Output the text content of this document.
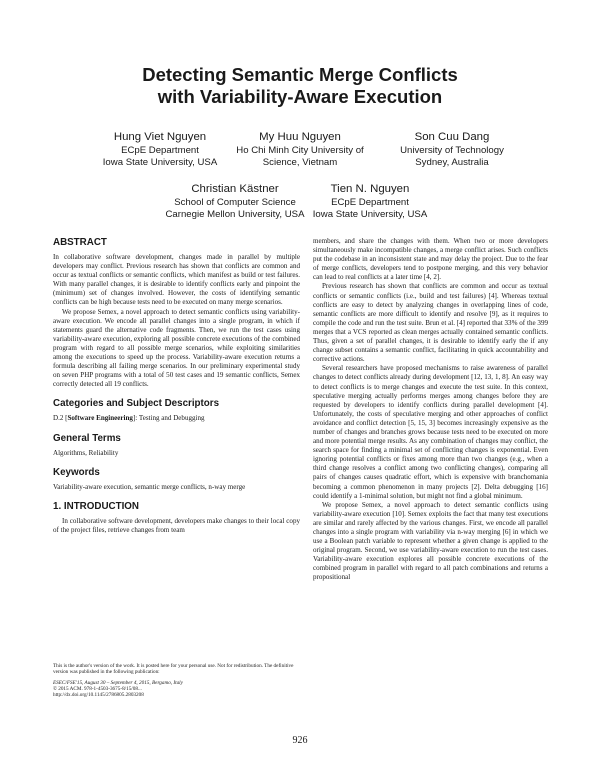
Detecting Semantic Merge Conflicts
with Variability-Aware Execution
Hung Viet Nguyen
ECpE Department
Iowa State University, USA
My Huu Nguyen
Ho Chi Minh City University of
Science, Vietnam
Son Cuu Dang
University of Technology
Sydney, Australia
Christian Kästner
School of Computer Science
Carnegie Mellon University, USA
Tien N. Nguyen
ECpE Department
Iowa State University, USA
ABSTRACT

In collaborative software development, changes made in parallel by multiple developers may conflict. Previous research has shown that conflicts are common and occur as textual conflicts or semantic conflicts, which manifest as build or test failures. With many parallel changes, it is desirable to identify conflicts early and pinpoint the (minimum) set of changes involved. However, the costs of identifying semantic conflicts can be high because tests need to be executed on many merge scenarios.

We propose Semex, a novel approach to detect semantic conflicts using variability-aware execution. We encode all parallel changes into a single program, in which if statements guard the alternative code fragments. Then, we run the test cases using variability-aware execution, exploring all possible concrete executions of the combined program with regard to all possible merge scenarios, while exploiting similarities among the executions to speed up the process. Variability-aware execution returns a formula describing all failing merge scenarios. In our preliminary experimental study on seven PHP programs with a total of 50 test cases and 19 semantic conflicts, Semex correctly detected all 19 conflicts.

Categories and Subject Descriptors

D.2 [Software Engineering]: Testing and Debugging

General Terms

Algorithms, Reliability

Keywords

Variability-aware execution, semantic merge conflicts, n-way merge

1. INTRODUCTION

In collaborative software development, developers make changes to their local copy of the project files, retrieve changes from team

This is the author's version of the work. It is posted here for your personal use. Not for redistribution. The definitive version was published in the following publication:

ESEC/FSE'15, August 30 – September 4, 2015, Bergamo, Italy

© 2015 ACM. 978-1-4503-3675-8/15/08...

http://dx.doi.org/10.1145/2786805.2803208

members, and share the changes with them. When two or more developers simultaneously make incompatible changes, a merge conflict arises. Such conflicts put the codebase in an inconsistent state and may delay the project. Due to the fear of merge conflicts, developers tend to postpone merging, and this very behavior can lead to real conflicts at a later time [4, 2].

Previous research has shown that conflicts are common and occur as textual conflicts or semantic conflicts (i.e., build and test failures) [4]. Whereas textual conflicts are easy to detect by analyzing changes in overlapping lines of code, semantic conflicts are more difficult to identify and resolve [9], as it requires to compile the code and run the test suite. Brun et al. [4] reported that 33% of the 399 merges that a VCS reported as clean merges actually contained semantic conflicts. Thus, given a set of parallel changes, it is desirable to identify early the if any change subset contains a semantic conflict, facilitating in quick accountability and corrective actions.

Several researchers have proposed mechanisms to raise awareness of parallel changes to detect conflicts already during development [12, 13, 1, 8]. An easy way to detect conflicts is to merge changes and execute the test suite. In this context, speculative merging actually performs merges among changes before they are requested by developers to identify conflicts during parallel development [4]. Unfortunately, the costs of speculative merging and other approaches of conflict avoidance and conflict detection [5, 15, 3] becomes increasingly expensive as the number of changes and branches grows because tests need to be executed on more and more potential merge results. As any combination of changes may conflict, the search space for finding a minimal set of conflicting changes is exponential. Even ignoring potential conflicts or fixes among more than two changes (e.g., when a third change resolves a conflict among two conflicting changes), comparing all pairs of changes causes quadratic effort, which is expensive with branchomania becoming a common phenomenon in many projects [2]. Delta debugging [16] could identify a 1-minimal solution, but might not find a global minimum.

We propose Semex, a novel approach to detect semantic conflicts using variability-aware execution [10]. Semex exploits the fact that many test executions are similar and rarely affected by the various changes. First, we encode all parallel changes into a single program with variability via n-way merging [6] in which we use a Boolean patch variable to represent whether a given change is applied to the original program. Second, we use variability-aware execution to run the test cases. Variability-aware execution explores all possible concrete executions of the combined program in parallel with regard to all patch combinations and returns a propositional

926
